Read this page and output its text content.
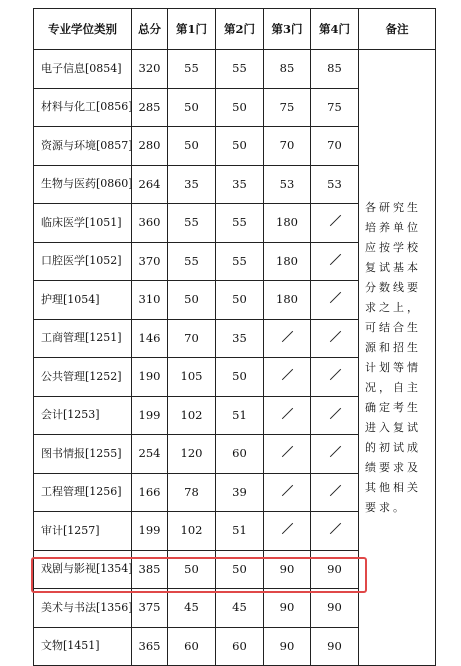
专业学位类别	总分	第1门	第2门	第3门	第4门	备注
电子信息[0854]	320	55	55	85	85	各研究生培养单位应按学校复试基本分数线要求之上，可结合生源和招生计划等情况，自主确定考生进入复试的初试成绩要求及其他相关要求。

材料与化工[0856]	285	50	50	75	75	
资源与环境[0857]	280	50	50	70	70	
生物与医药[0860]	264	35	35	53	53	
临床医学[1051]	360	55	55	180	

口腔医学[1052]	370	55	55	180	

护理[1054]	310	50	50	180	

工商管理[1251]	146	70	35	

公共管理[1252]	190	105	50	

会计[1253]	199	102	51	

图书情报[1255]	254	120	60	

工程管理[1256]	166	78	39	

审计[1257]	199	102	51	

戏剧与影视[1354]	385	50	50	90	90	
美术与书法[1356]	375	45	45	90	90	
文物[1451]	365	60	60	90	90	
